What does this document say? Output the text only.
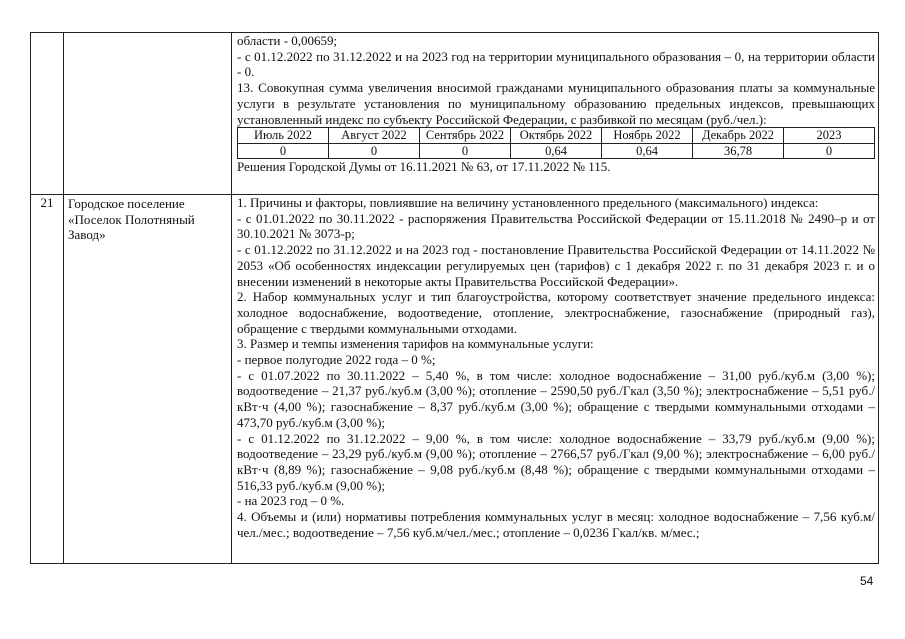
области - 0,00659;

- с 01.12.2022 по 31.12.2022 и на 2023 год на территории муниципального образования – 0, на территории области - 0.

13. Совокупная сумма увеличения вносимой гражданами муниципального образования платы за коммунальные услуги в результате установления по муниципальному образованию предельных индексов, превышающих установленный индекс по субъекту Российской Федерации, с разбивкой по месяцам (руб./чел.):

Июль 2022	Август 2022	Сентябрь 2022	Октябрь 2022	Ноябрь 2022	Декабрь 2022	2023
0	0	0	0,64	0,64	36,78	0

Решения Городской Думы от 16.11.2021 № 63, от 17.11.2022 № 115.

21	Городское поселение «Поселок Полотняный Завод»

1. Причины и факторы, повлиявшие на величину установленного предельного (максимального) индекса:

- с 01.01.2022 по 30.11.2022 - распоряжения Правительства Российской Федерации от 15.11.2018 № 2490–р и от 30.10.2021 № 3073-р;

- с 01.12.2022 по 31.12.2022 и на 2023 год - постановление Правительства Российской Федерации от 14.11.2022 № 2053 «Об особенностях индексации регулируемых цен (тарифов) с 1 декабря 2022 г. по 31 декабря 2023 г. и о внесении изменений в некоторые акты Правительства Российской Федерации».

2. Набор коммунальных услуг и тип благоустройства, которому соответствует значение предельного индекса: холодное водоснабжение, водоотведение, отопление, электроснабжение, газоснабжение (природный газ), обращение с твердыми коммунальными отходами.

3. Размер и темпы изменения тарифов на коммунальные услуги:

- первое полугодие 2022 года – 0 %;

- с 01.07.2022 по 30.11.2022 – 5,40 %, в том числе: холодное водоснабжение – 31,00 руб./куб.м (3,00 %); водоотведение – 21,37 руб./куб.м (3,00 %); отопление – 2590,50 руб./Гкал (3,50 %); электроснабжение – 5,51 руб./кВт·ч (4,00 %); газоснабжение – 8,37 руб./куб.м (3,00 %); обращение с твердыми коммунальными отходами – 473,70 руб./куб.м (3,00 %);

- с 01.12.2022 по 31.12.2022 – 9,00 %, в том числе: холодное водоснабжение – 33,79 руб./куб.м (9,00 %); водоотведение – 23,29 руб./куб.м (9,00 %); отопление – 2766,57 руб./Гкал (9,00 %); электроснабжение – 6,00 руб./кВт·ч (8,89 %); газоснабжение – 9,08 руб./куб.м (8,48 %); обращение с твердыми коммунальными отходами – 516,33 руб./куб.м (9,00 %);

- на 2023 год – 0 %.

4. Объемы и (или) нормативы потребления коммунальных услуг в месяц: холодное водоснабжение – 7,56 куб.м/чел./мес.; водоотведение – 7,56 куб.м/чел./мес.; отопление – 0,0236 Гкал/кв. м/мес.;

54
